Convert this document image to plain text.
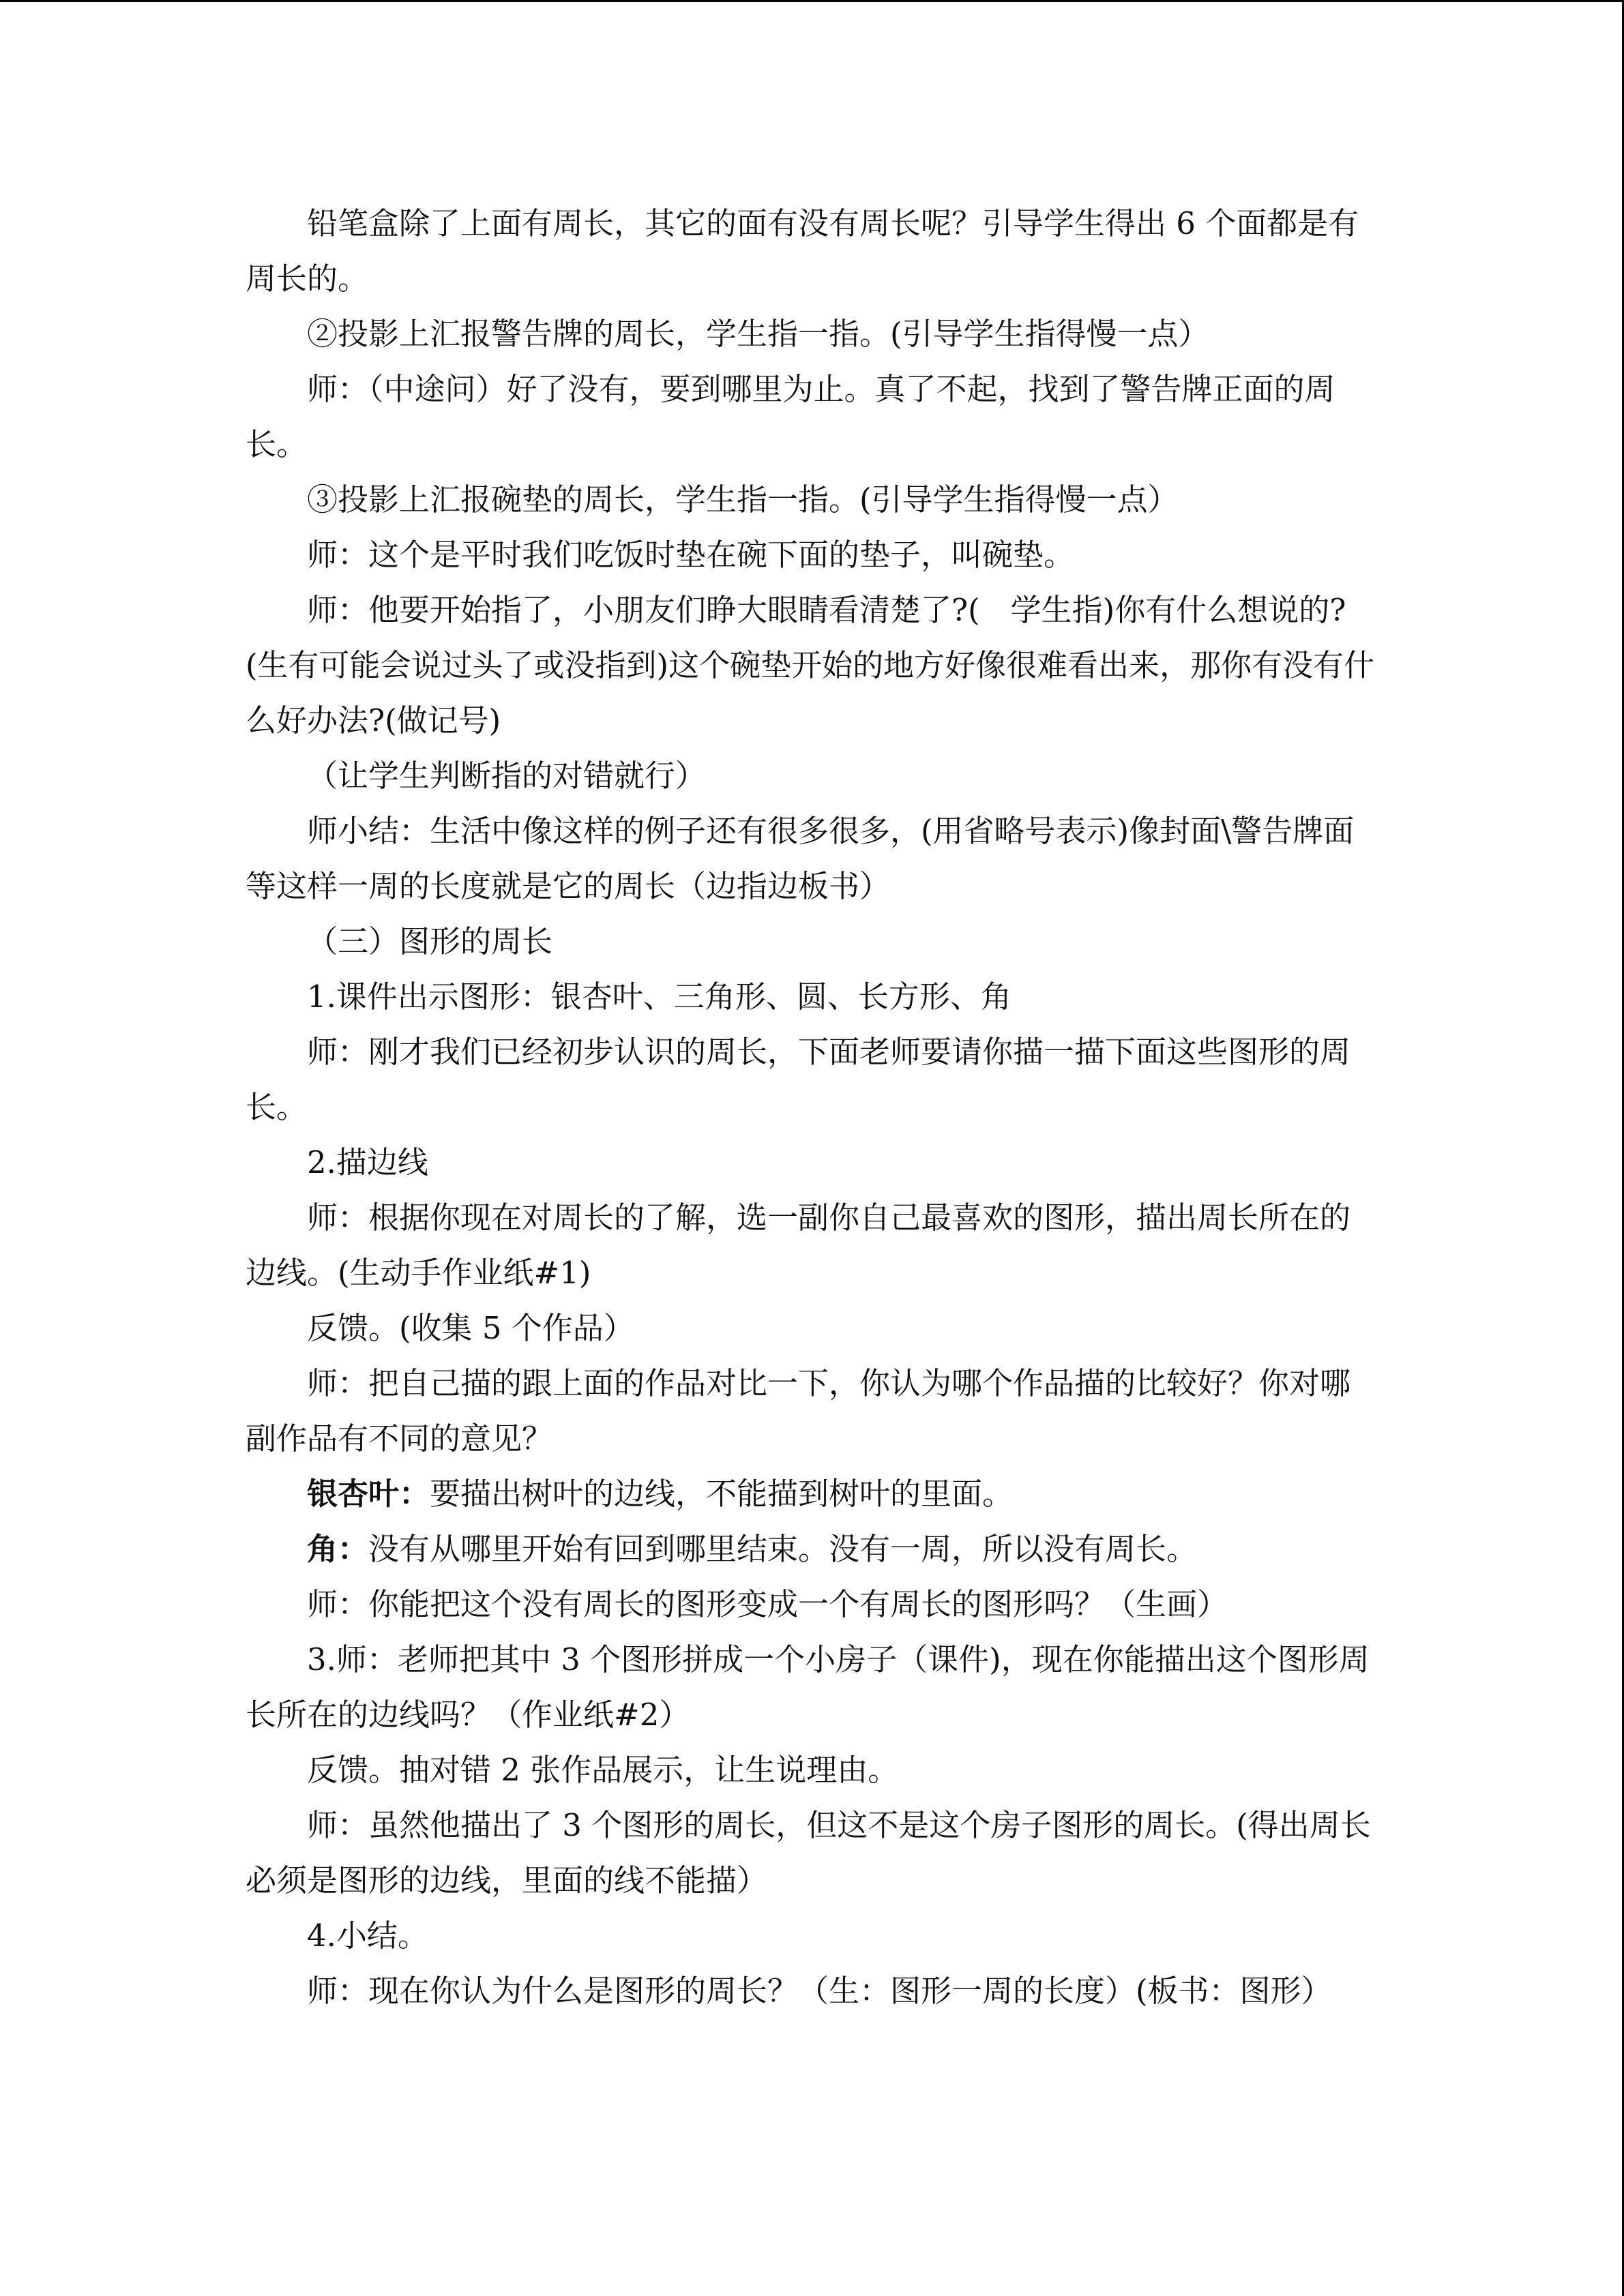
铅笔盒除了上面有周长，其它的面有没有周长呢？引导学生得出 6 个面都是有周长的。

②投影上汇报警告牌的周长，学生指一指。(引导学生指得慢一点）

师：（中途问）好了没有，要到哪里为止。真了不起，找到了警告牌正面的周长。

③投影上汇报碗垫的周长，学生指一指。(引导学生指得慢一点）

师：这个是平时我们吃饭时垫在碗下面的垫子，叫碗垫。

师：他要开始指了，小朋友们睁大眼睛看清楚了?(　学生指)你有什么想说的?(生有可能会说过头了或没指到)这个碗垫开始的地方好像很难看出来，那你有没有什么好办法?(做记号)

（让学生判断指的对错就行）

师小结：生活中像这样的例子还有很多很多，(用省略号表示)像封面\警告牌面等这样一周的长度就是它的周长（边指边板书）

（三）图形的周长

1.课件出示图形：银杏叶、三角形、圆、长方形、角

师：刚才我们已经初步认识的周长，下面老师要请你描一描下面这些图形的周长。

2.描边线

师：根据你现在对周长的了解，选一副你自己最喜欢的图形，描出周长所在的边线。(生动手作业纸#1)

反馈。(收集 5 个作品）

师：把自己描的跟上面的作品对比一下，你认为哪个作品描的比较好？你对哪副作品有不同的意见？

银杏叶：要描出树叶的边线，不能描到树叶的里面。

角：没有从哪里开始有回到哪里结束。没有一周，所以没有周长。

师：你能把这个没有周长的图形变成一个有周长的图形吗？（生画）

3.师：老师把其中 3 个图形拼成一个小房子（课件)，现在你能描出这个图形周长所在的边线吗？（作业纸#2）

反馈。抽对错 2 张作品展示，让生说理由。

师：虽然他描出了 3 个图形的周长，但这不是这个房子图形的周长。(得出周长必须是图形的边线，里面的线不能描）

4.小结。

师：现在你认为什么是图形的周长？（生：图形一周的长度）(板书：图形）
